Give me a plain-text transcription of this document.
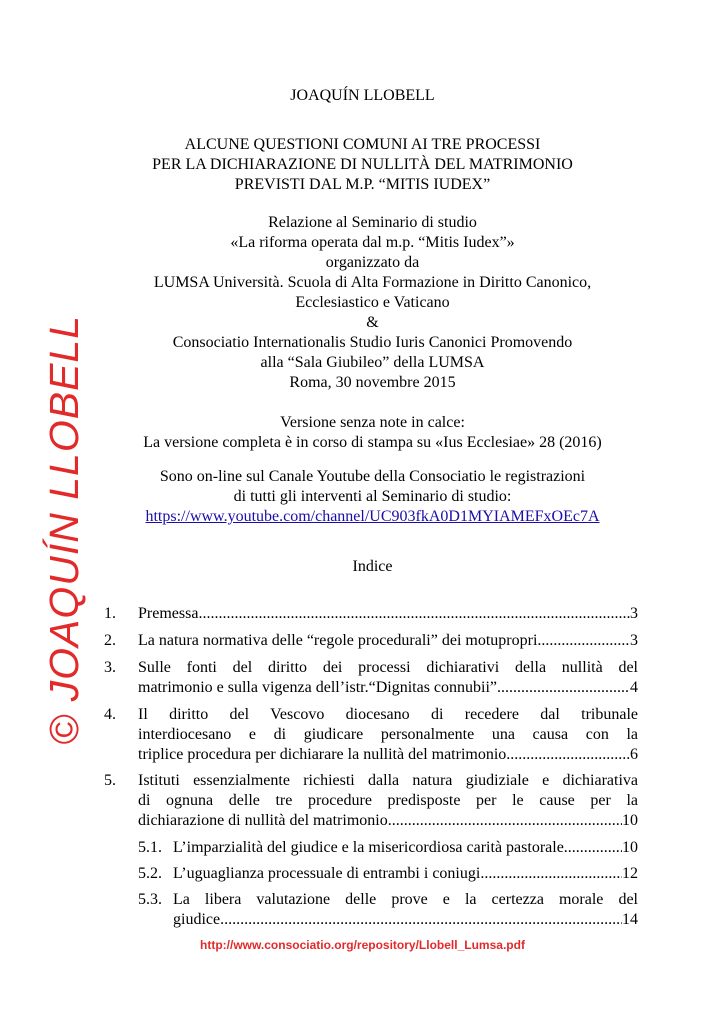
JOAQUÍN LLOBELL
ALCUNE QUESTIONI COMUNI AI TRE PROCESSI
PER LA DICHIARAZIONE DI NULLITÀ DEL MATRIMONIO
PREVISTI DAL M.P. “MITIS IUDEX”
Relazione al Seminario di studio
«La riforma operata dal m.p. “Mitis Iudex”»
organizzato da
LUMSA Università. Scuola di Alta Formazione in Diritto Canonico,
Ecclesiastico e Vaticano
&
Consociatio Internationalis Studio Iuris Canonici Promovendo
alla “Sala Giubileo” della LUMSA
Roma, 30 novembre 2015
Versione senza note in calce:
La versione completa è in corso di stampa su «Ius Ecclesiae» 28 (2016)
Sono on-line sul Canale Youtube della Consociatio le registrazioni
di tutti gli interventi al Seminario di studio:
https://www.youtube.com/channel/UC903fkA0D1MYIAMEFxOEc7A
Indice
© JOAQUÍN LLOBELL 1. Premessa .....	3
2. La natura normativa delle “regole procedurali” dei motupropri .....	3
3. Sulle fonti del diritto dei processi dichiarativi della nullità del
matrimonio e sulla vigenza dell’istr.“Dignitas connubii” .....	4
4. Il diritto del Vescovo diocesano di recedere dal tribunale
interdiocesano e di giudicare personalmente una causa con la
triplice procedura per dichiarare la nullità del matrimonio .....	6
5. Istituti essenzialmente richiesti dalla natura giudiziale e dichiarativa
di ognuna delle tre procedure predisposte per le cause per la
dichiarazione di nullità del matrimonio .....	10
5.1. L’imparzialità del giudice e la misericordiosa carità pastorale .....	10
5.2. L’uguaglianza processuale di entrambi i coniugi .....	12
5.3. La libera valutazione delle prove e la certezza morale del
giudice .....	14
http://www.consociatio.org/repository/Llobell_Lumsa.pdf
